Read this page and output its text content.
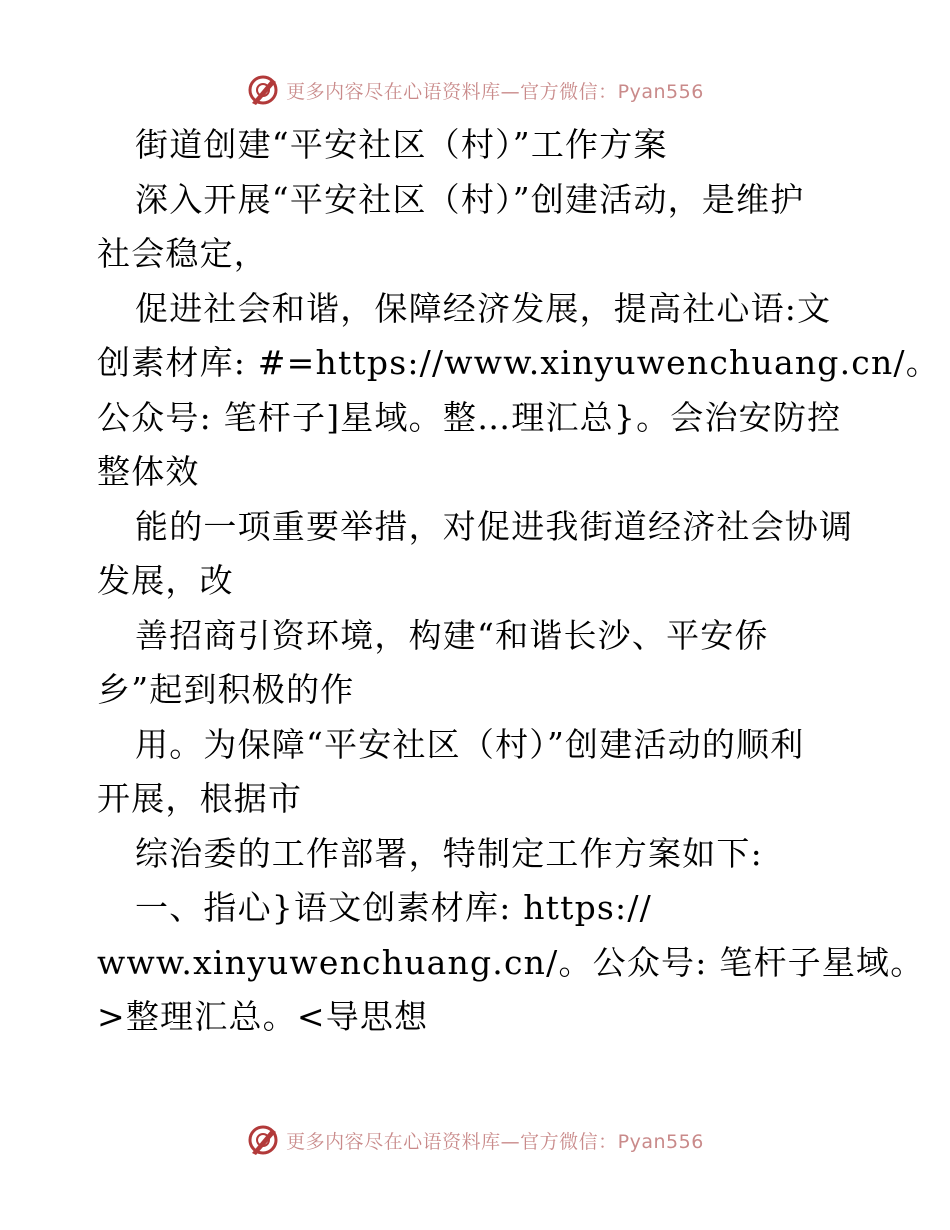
更多内容尽在心语资料库—官方微信：Pyan556
街道创建“平安社区（村）”工作方案
深入开展“平安社区（村）”创建活动，是维护
社会稳定，
促进社会和谐，保障经济发展，提高社心语:文
创素材库: #=https://www.xinyuwenchuang.cn/。
公众号: 笔杆子]星域。整…理汇总}。会治安防控
整体效
能的一项重要举措，对促进我街道经济社会协调
发展，改
善招商引资环境，构建“和谐长沙、平安侨
乡”起到积极的作
用。为保障“平安社区（村）”创建活动的顺利
开展，根据市
综治委的工作部署，特制定工作方案如下:
一、指心}语文创素材库: https://
www.xinyuwenchuang.cn/。公众号: 笔杆子星域。
>整理汇总。<导思想
更多内容尽在心语资料库—官方微信：Pyan556
